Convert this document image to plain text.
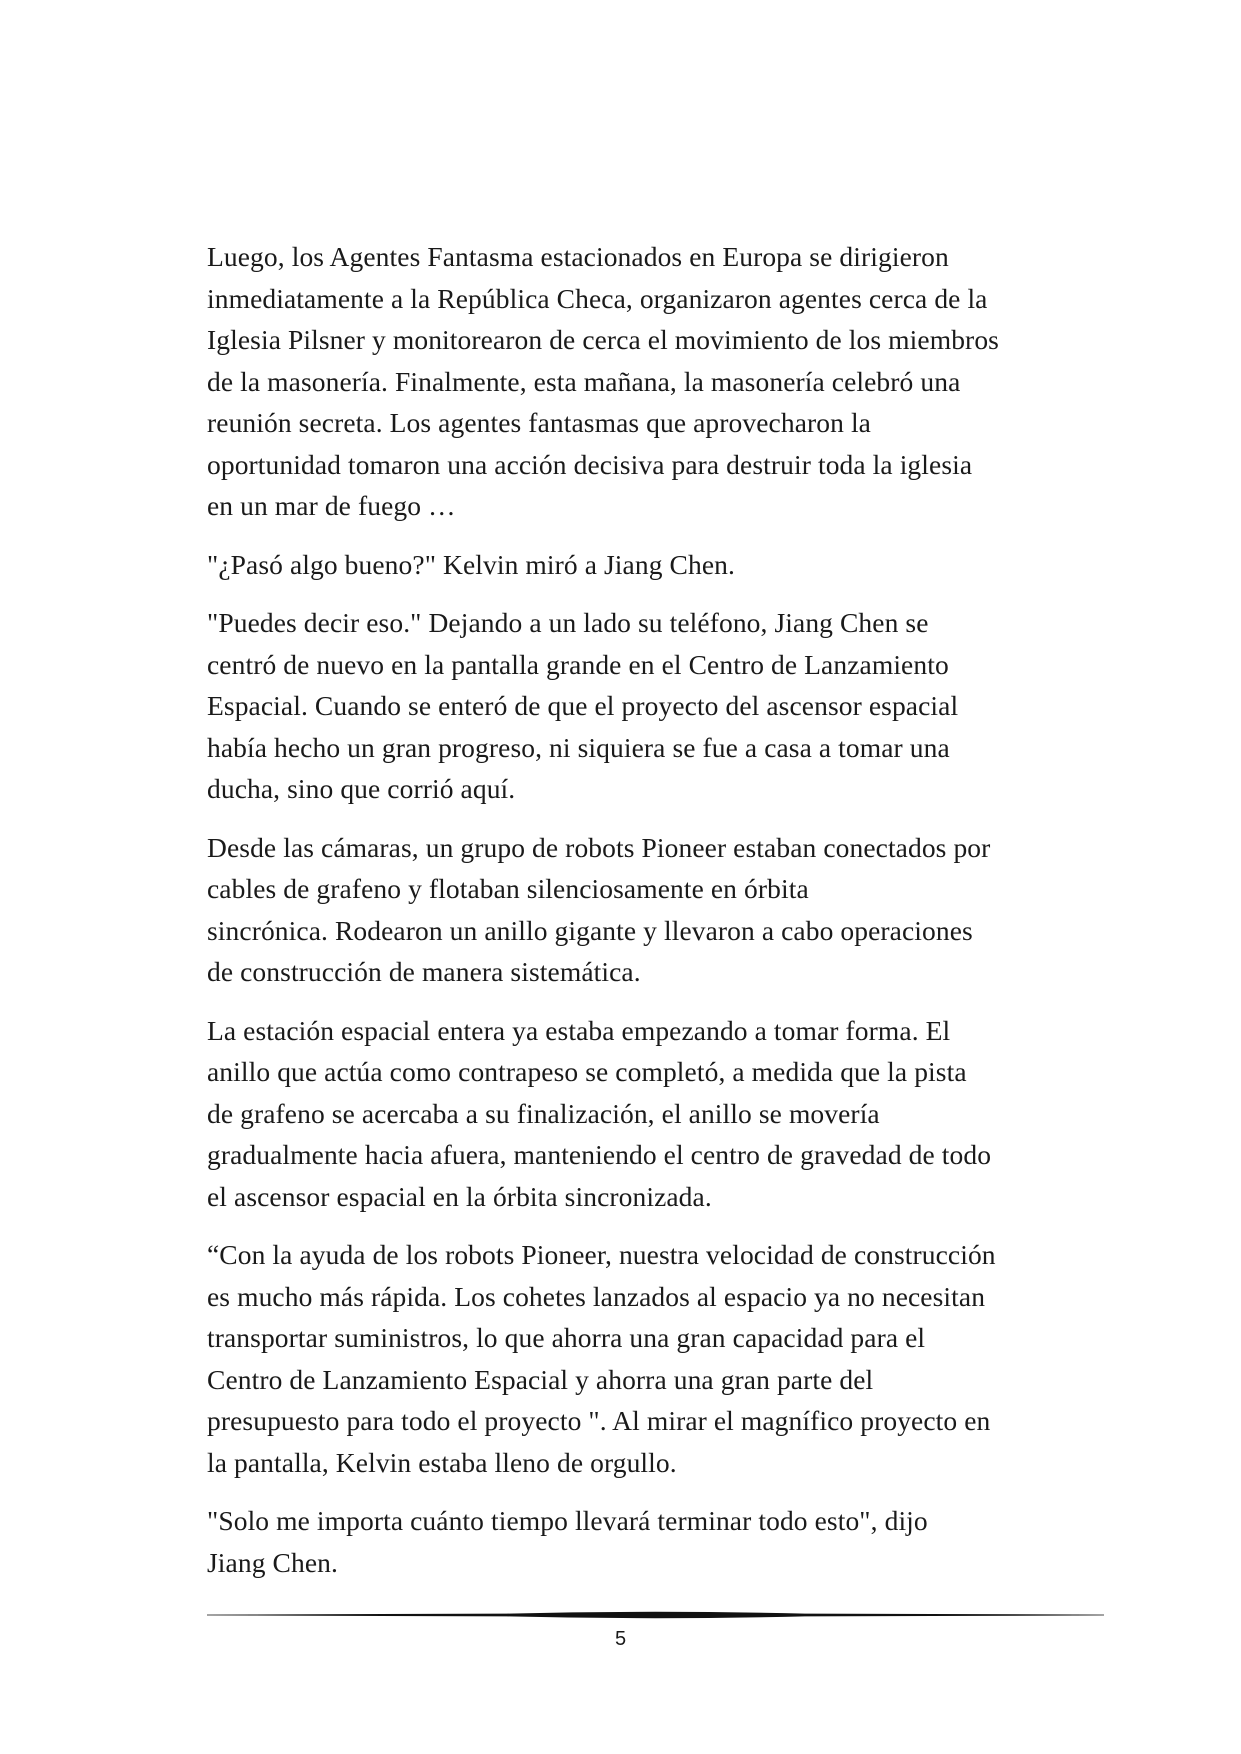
Luego, los Agentes Fantasma estacionados en Europa se dirigieron
inmediatamente a la República Checa, organizaron agentes cerca de la
Iglesia Pilsner y monitorearon de cerca el movimiento de los miembros
de la masonería. Finalmente, esta mañana, la masonería celebró una
reunión secreta. Los agentes fantasmas que aprovecharon la
oportunidad tomaron una acción decisiva para destruir toda la iglesia
en un mar de fuego …

"¿Pasó algo bueno?" Kelvin miró a Jiang Chen.

"Puedes decir eso." Dejando a un lado su teléfono, Jiang Chen se
centró de nuevo en la pantalla grande en el Centro de Lanzamiento
Espacial. Cuando se enteró de que el proyecto del ascensor espacial
había hecho un gran progreso, ni siquiera se fue a casa a tomar una
ducha, sino que corrió aquí.

Desde las cámaras, un grupo de robots Pioneer estaban conectados por
cables de grafeno y flotaban silenciosamente en órbita
sincrónica. Rodearon un anillo gigante y llevaron a cabo operaciones
de construcción de manera sistemática.

La estación espacial entera ya estaba empezando a tomar forma. El
anillo que actúa como contrapeso se completó, a medida que la pista
de grafeno se acercaba a su finalización, el anillo se movería
gradualmente hacia afuera, manteniendo el centro de gravedad de todo
el ascensor espacial en la órbita sincronizada.

“Con la ayuda de los robots Pioneer, nuestra velocidad de construcción
es mucho más rápida. Los cohetes lanzados al espacio ya no necesitan
transportar suministros, lo que ahorra una gran capacidad para el
Centro de Lanzamiento Espacial y ahorra una gran parte del
presupuesto para todo el proyecto ". Al mirar el magnífico proyecto en
la pantalla, Kelvin estaba lleno de orgullo.

"Solo me importa cuánto tiempo llevará terminar todo esto", dijo
Jiang Chen.

5
